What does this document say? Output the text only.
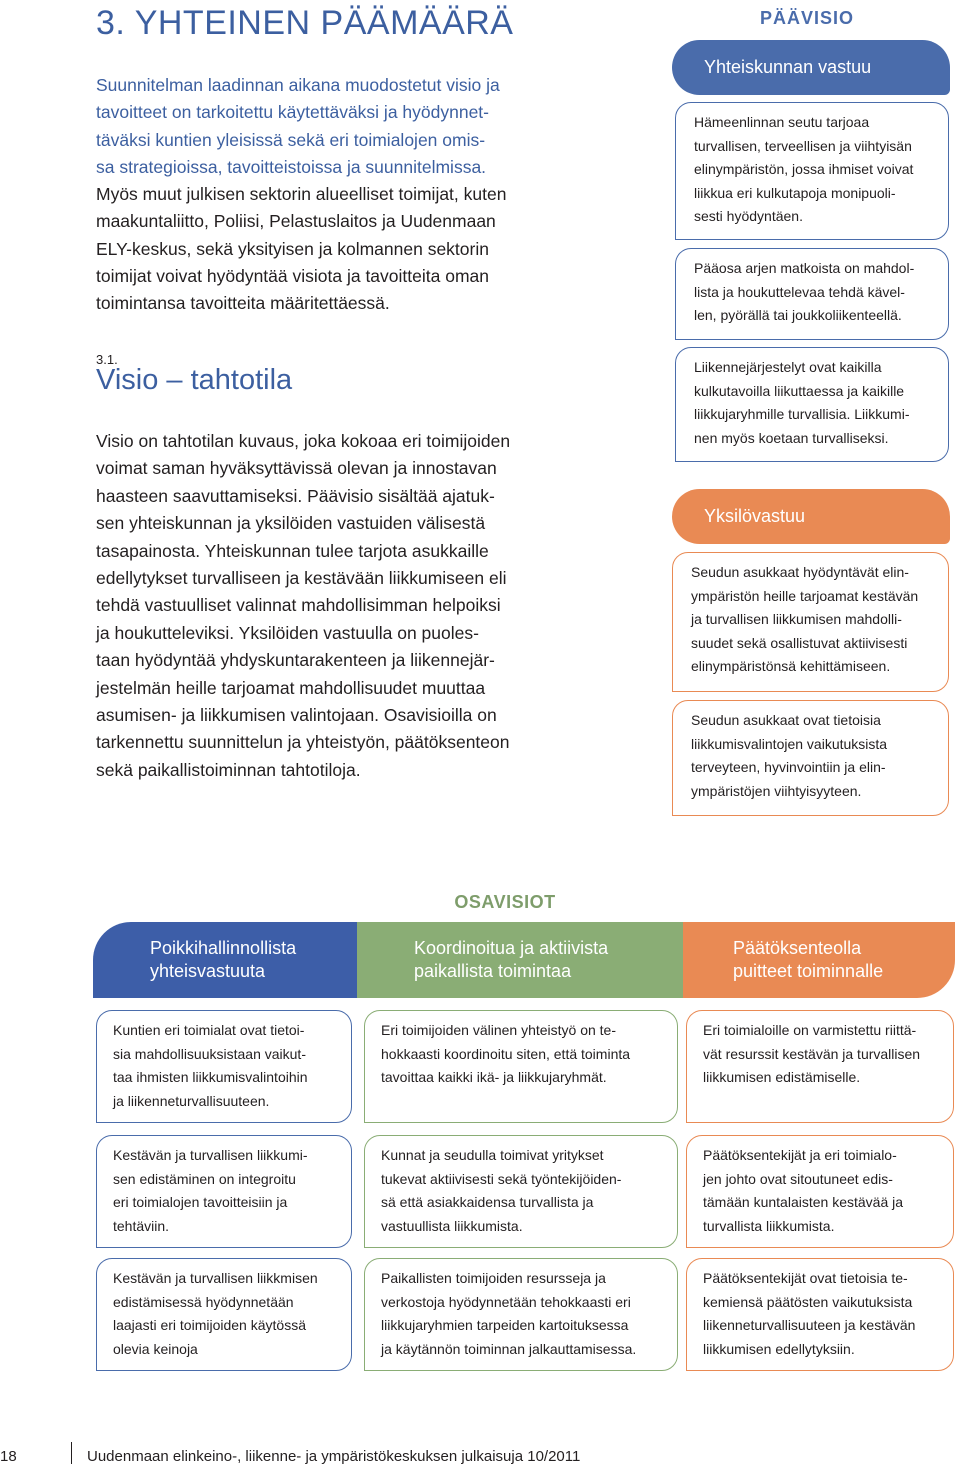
3. YHTEINEN PÄÄMÄÄRÄ

Suunnitelman laadinnan aikana muodostetut visio ja
tavoitteet on tarkoitettu käytettäväksi ja hyödynnet-
täväksi kuntien yleisissä sekä eri toimialojen omis-
sa strategioissa, tavoitteistoissa ja suunnitelmissa.

Myös muut julkisen sektorin alueelliset toimijat, kuten
maakuntaliitto, Poliisi, Pelastuslaitos ja Uudenmaan
ELY-keskus, sekä yksityisen ja kolmannen sektorin
toimijat voivat hyödyntää visiota ja tavoitteita oman
toimintansa tavoitteita määritettäessä.

3.1.
Visio – tahtotila

Visio on tahtotilan kuvaus, joka kokoaa eri toimijoiden
voimat saman hyväksyttävissä olevan ja innostavan
haasteen saavuttamiseksi. Päävisio sisältää ajatuk-
sen yhteiskunnan ja yksilöiden vastuiden välisestä
tasapainosta. Yhteiskunnan tulee tarjota asukkaille
edellytykset turvalliseen ja kestävään liikkumiseen eli
tehdä vastuulliset valinnat mahdollisimman helpoiksi
ja houkutteleviksi. Yksilöiden vastuulla on puoles-
taan hyödyntää yhdyskuntarakenteen ja liikennejär-
jestelmän heille tarjoamat mahdollisuudet muuttaa
asumisen- ja liikkumisen valintojaan. Osavisioilla on
tarkennettu suunnittelun ja yhteistyön, päätöksenteon
sekä paikallistoiminnan tahtotiloja.

PÄÄVISIO
Yhteiskunnan vastuu
Hämeenlinnan seutu tarjoaa
turvallisen, terveellisen ja viihtyisän
elinympäristön, jossa ihmiset voivat
liikkua eri kulkutapoja monipuoli-
sesti hyödyntäen.
Pääosa arjen matkoista on mahdol-
lista ja houkuttelevaa tehdä kävel-
len, pyörällä tai joukkoliikenteellä.
Liikennejärjestelyt ovat kaikilla
kulkutavoilla liikuttaessa ja kaikille
liikkujaryhmille turvallisia. Liikkumi-
nen myös koetaan turvalliseksi.
Yksilövastuu
Seudun asukkaat hyödyntävät elin-
ympäristön heille tarjoamat kestävän
ja turvallisen liikkumisen mahdolli-
suudet sekä osallistuvat aktiivisesti
elinympäristönsä kehittämiseen.
Seudun asukkaat ovat tietoisia
liikkumisvalintojen vaikutuksista
terveyteen, hyvinvointiin ja elin-
ympäristöjen viihtyisyyteen.
OSAVISIOT
Poikkihallinnollista
yhteisvastuuta
Koordinoitua ja aktiivista
paikallista toimintaa
Päätöksenteolla
puitteet toiminnalle
Kuntien eri toimialat ovat tietoi-
sia mahdollisuuksistaan vaikut-
taa ihmisten liikkumisvalintoihin
ja liikenneturvallisuuteen.
Kestävän ja turvallisen liikkumi-
sen edistäminen on integroitu
eri toimialojen tavoitteisiin ja
tehtäviin.
Kestävän ja turvallisen liikkmisen
edistämisessä hyödynnetään
laajasti eri toimijoiden käytössä
olevia keinoja
Eri toimijoiden välinen yhteistyö on te-
hokkaasti koordinoitu siten, että toiminta
tavoittaa kaikki ikä- ja liikkujaryhmät.
Kunnat ja seudulla toimivat yritykset
tukevat aktiivisesti sekä työntekijöiden-
sä että asiakkaidensa turvallista ja
vastuullista liikkumista.
Paikallisten toimijoiden resursseja ja
verkostoja hyödynnetään tehokkaasti eri
liikkujaryhmien tarpeiden kartoituksessa
ja käytännön toiminnan jalkauttamisessa.
Eri toimialoille on varmistettu riittä-
vät resurssit kestävän ja turvallisen
liikkumisen edistämiselle.
Päätöksentekijät ja eri toimialo-
jen johto ovat sitoutuneet edis-
tämään kuntalaisten kestävää ja
turvallista liikkumista.
Päätöksentekijät ovat tietoisia te-
kemiensä päätösten vaikutuksista
liikenneturvallisuuteen ja kestävän
liikkumisen edellytyksiin.
18	Uudenmaan elinkeino-, liikenne- ja ympäristökeskuksen julkaisuja 10/2011
